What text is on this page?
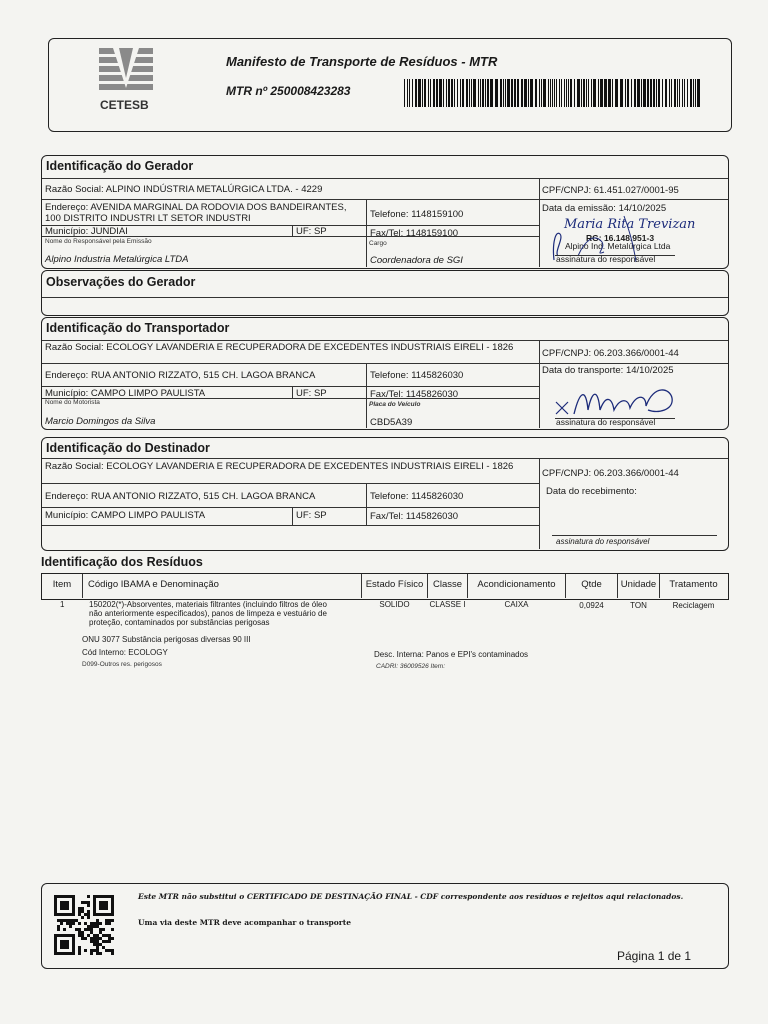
CETESB
Manifesto de Transporte de Resíduos - MTR
MTR nº 250008423283
Identificação do Gerador
Razão Social: ALPINO INDÚSTRIA METALÚRGICA LTDA. - 4229	CPF/CNPJ: 61.451.027/0001-95
Endereço: AVENIDA MARGINAL DA RODOVIA DOS BANDEIRANTES,
100 DISTRITO INDUSTRI LT SETOR INDUSTRI	Telefone: 1148159100
Data da emissão: 14/10/2025
Município: JUNDIAI	UF: SP	Fax/Tel: 1148159100
Nome do Responsável pela Emissão
Alpino Industria Metalúrgica LTDA
Cargo
Coordenadora de SGI
Maria Rita Trevizan
RG: 16.148.951-3
Alpino Ind. Metalúrgica Ltda
assinatura do responsável
Observações do Gerador
Identificação do Transportador
Razão Social: ECOLOGY LAVANDERIA E RECUPERADORA DE EXCEDENTES INDUSTRIAIS EIRELI - 1826
CPF/CNPJ: 06.203.366/0001-44
Endereço: RUA ANTONIO RIZZATO, 515 CH. LAGOA BRANCA	Telefone: 1145826030	Data do transporte: 14/10/2025
Município: CAMPO LIMPO PAULISTA	UF: SP	Fax/Tel: 1145826030
Nome do Motorista
Marcio Domingos da Silva
Placa do Veículo
CBD5A39	assinatura do responsável
Identificação do Destinador
Razão Social: ECOLOGY LAVANDERIA E RECUPERADORA DE EXCEDENTES INDUSTRIAIS EIRELI - 1826
CPF/CNPJ: 06.203.366/0001-44
Endereço: RUA ANTONIO RIZZATO, 515 CH. LAGOA BRANCA	Telefone: 1145826030	Data do recebimento:
Município: CAMPO LIMPO PAULISTA	UF: SP	Fax/Tel: 1145826030
assinatura do responsável
Identificação dos Resíduos
Item	Código IBAMA e Denominação	Estado Físico	Classe	Acondicionamento	Qtde	Unidade	Tratamento
1	150202(*)-Absorventes, materiais filtrantes (incluindo filtros de óleo
não anteriormente especificados), panos de limpeza e vestuário de
proteção, contaminados por substâncias perigosas
SOLIDO	CLASSE I	CAIXA	0,0924	TON	Reciclagem
ONU 3077 Substância perigosas diversas 90 III
Cód Interno: ECOLOGY
D099-Outros res. perigosos
Desc. Interna: Panos e EPI's contaminados
CADRI: 36009526 Item:
Este MTR não substitui o CERTIFICADO DE DESTINAÇÃO FINAL - CDF correspondente aos resíduos e rejeitos aqui relacionados.
Uma via deste MTR deve acompanhar o transporte
Página 1 de 1
